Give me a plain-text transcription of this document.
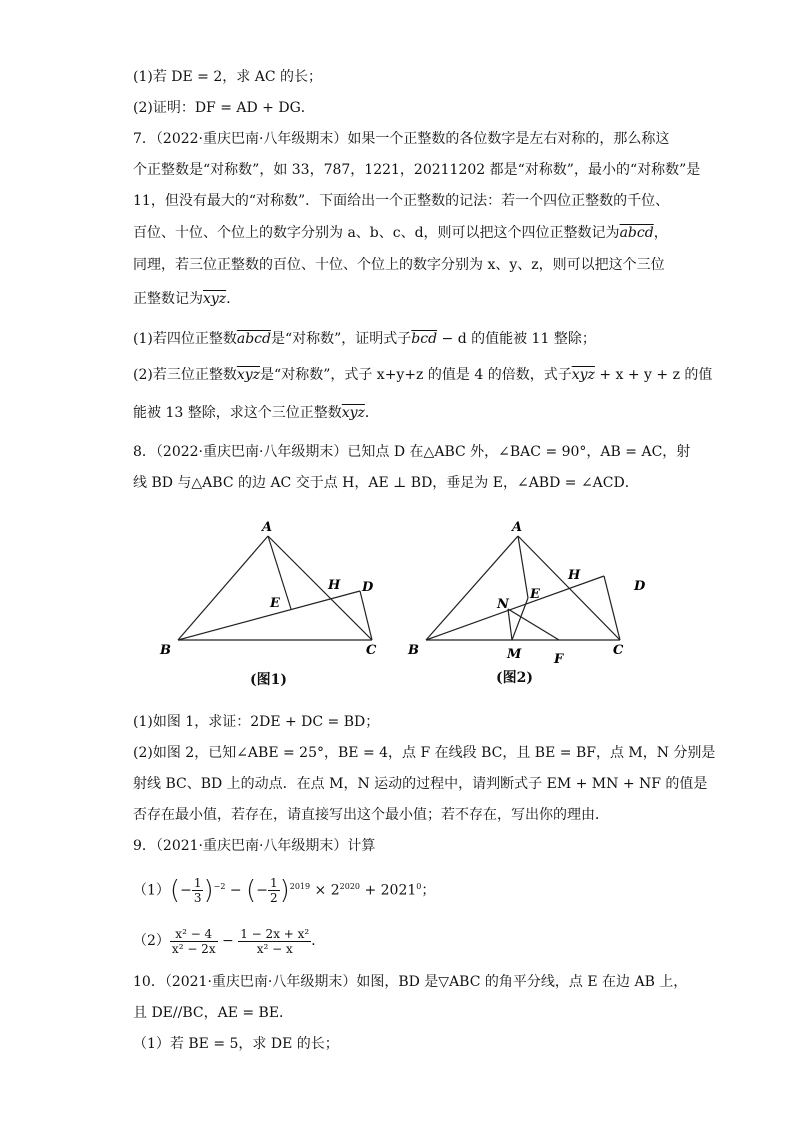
(1)若 DE = 2，求 AC 的长；
(2)证明：DF = AD + DG．
7．（2022·重庆巴南·八年级期末）如果一个正整数的各位数字是左右对称的，那么称这
个正整数是“对称数”，如 33，787，1221，20211202 都是“对称数”，最小的“对称数”是
11，但没有最大的“对称数”．下面给出一个正整数的记法：若一个四位正整数的千位、
百位、十位、个位上的数字分别为 a、b、c、d，则可以把这个四位正整数记为abcd，
同理，若三位正整数的百位、十位、个位上的数字分别为 x、y、z，则可以把这个三位
正整数记为$\overline{xyz}$．
(1)若四位正整数abcd是“对称数”，证明式子$\overline{bcd} - d$ 的值能被 11 整除；
(2)若三位正整数$\overline{xyz}$是“对称数”，式子 x+y+z 的值是 4 的倍数，式子$\overline{xyz} + x + y + z$ 的值
能被 13 整除，求这个三位正整数$\overline{xyz}$．
8．（2022·重庆巴南·八年级期末）已知点 D 在△ABC 外，∠BAC = 90°，AB = AC，射
线 BD 与△ABC 的边 AC 交于点 H，AE ⊥ BD，垂足为 E，∠ABD = ∠ACD．
A
B	C
D
E
H
(图1)
A
B	C
D
E
H
N
M	F
(图2)
(1)如图 1，求证：2DE + DC = BD；
(2)如图 2，已知∠ABE = 25°，BE = 4，点 F 在线段 BC，且 BE = BF，点 M，N 分别是
射线 BC、BD 上的动点．在点 M，N 运动的过程中，请判断式子 EM + MN + NF 的值是
否存在最小值，若存在，请直接写出这个最小值；若不存在，写出你的理由．
9．（2021·重庆巴南·八年级期末）计算
$(1)(- \frac{1}{3} )^{-2}$ − (− $\frac{1}{2} )^{2019} \times 2^{2020} + 2021^0$；
$(2) \frac{\text{x² − 4}}{\text{x² − 2x}} - \frac{\text{1 − 2x + x²}}{\text{x² − x}}$ ．
10．（2021·重庆巴南·八年级期末）如图，BD 是▽ABC 的角平分线，点 E 在边 AB 上，
且 DE//BC，AE = BE．
（1）若 BE = 5，求 DE 的长；
